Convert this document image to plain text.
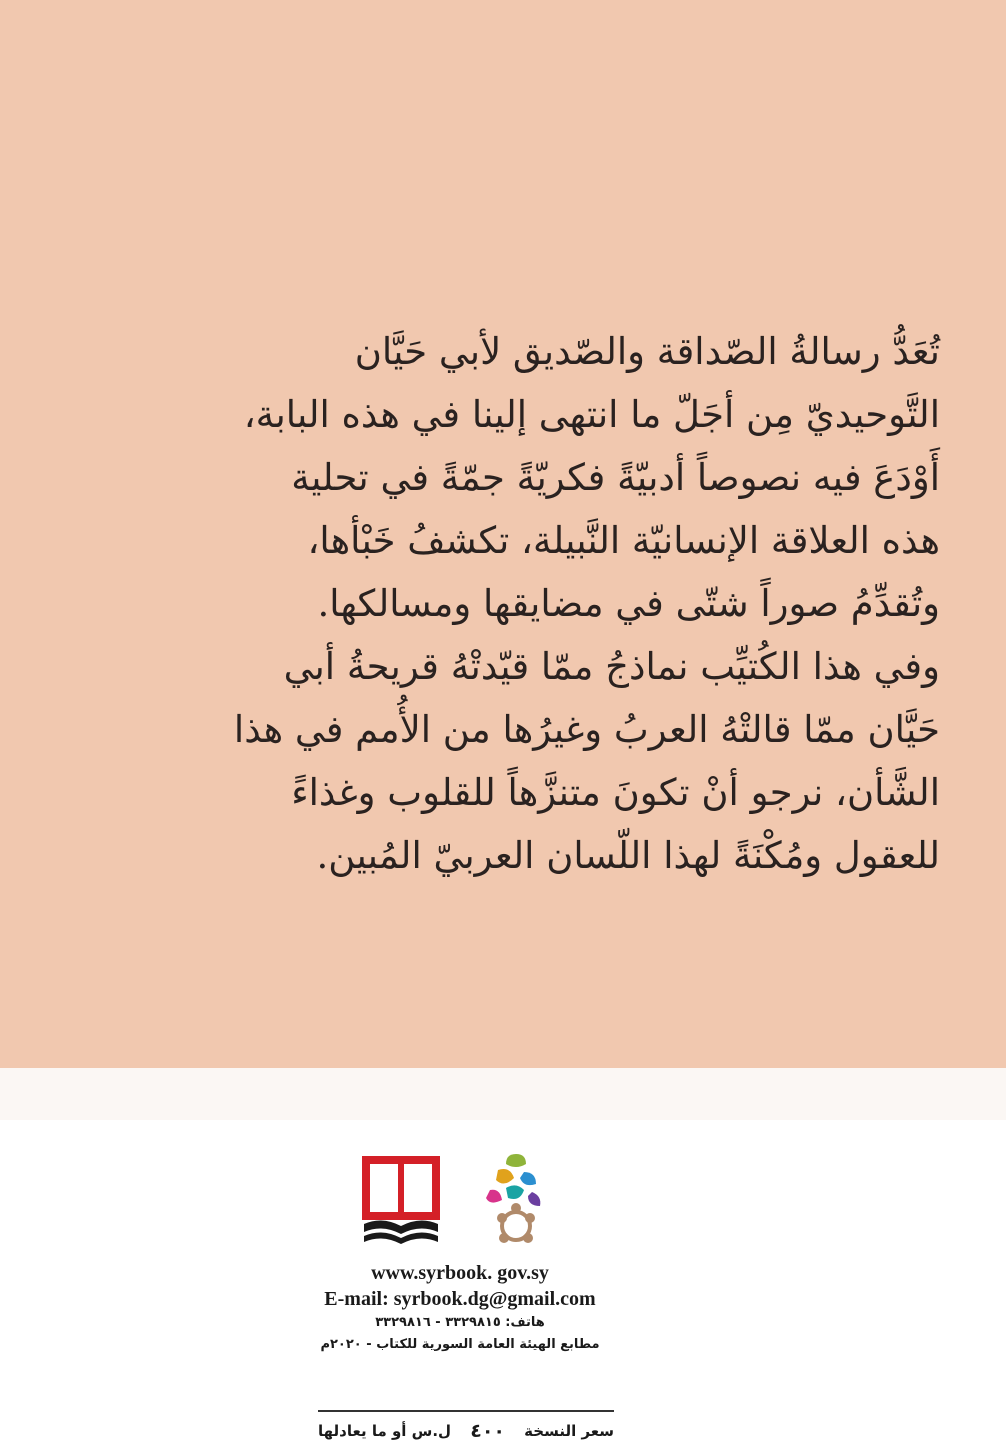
تُعَدُّ رسالةُ الصّداقة والصّديق لأبي حَيَّان
التَّوحيديّ مِن أجَلّ ما انتهى إلينا في هذه البابة،
أَوْدَعَ فيه نصوصاً أدبيّةً فكريّةً جمّةً في تحلية
هذه العلاقة الإنسانيّة النَّبيلة، تكشفُ خَبْأها،
وتُقدِّمُ صوراً شتّى في مضايقها ومسالكها.
وفي هذا الكُتيِّب نماذجُ ممّا قيّدتْهُ قريحةُ أبي
حَيَّان ممّا قالتْهُ العربُ وغيرُها من الأُمم في هذا
الشَّأن، نرجو أنْ تكونَ متنزَّهاً للقلوب وغذاءً
للعقول ومُكْنَةً لهذا اللّسان العربيّ المُبين.
www.syrbook. gov.sy
E-mail: syrbook.dg@gmail.com
هاتف: ٣٣٢٩٨١٥ - ٣٣٢٩٨١٦
مطابع الهيئة العامة السورية للكتاب - ٢٠٢٠م
سعر النسخة
٤٠٠
ل.س أو ما يعادلها
